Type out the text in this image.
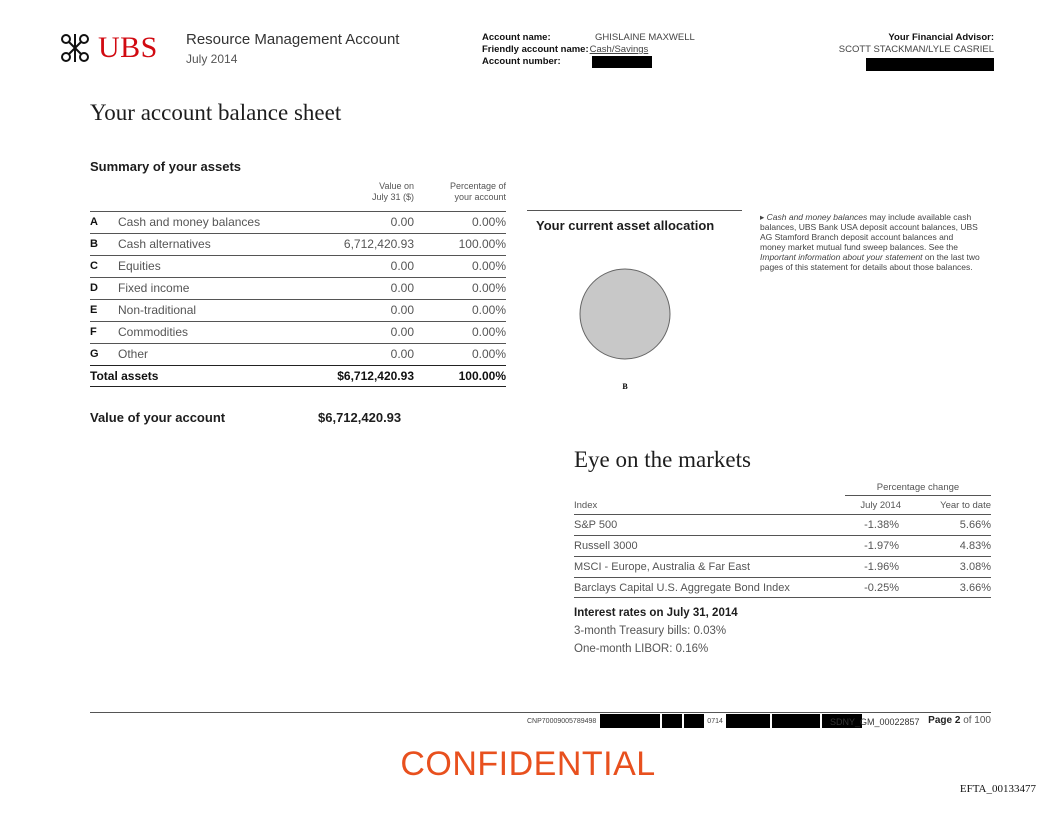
UBS Resource Management Account
July 2014
Account name:	GHISLAINE MAXWELL
Friendly account name: Cash/Savings
Account number:
Your Financial Advisor:
SCOTT STACKMAN/LYLE CASRIEL
Your account balance sheet
Summary of your assets
Value on
July 31 ($)
Percentage of
your account
A Cash and money balances	0.00	0.00%
B Cash alternatives	6,712,420.93	100.00%
C Equities	0.00	0.00%
D Fixed income	0.00	0.00%
E Non-traditional	0.00	0.00%
F Commodities	0.00	0.00%
G Other	0.00	0.00%
Total assets	$6,712,420.93	100.00%
Value of your account	$6,712,420.93
Your current asset allocation
B
▸ Cash and money balances may include available cash balances, UBS Bank USA deposit account balances, UBS AG Stamford Branch deposit account balances and money market mutual fund sweep balances. See the Important information about your statement on the last two pages of this statement for details about those balances.
Eye on the markets
Percentage change
Index	July 2014	Year to date
S&P 500	-1.38%	5.66%
Russell 3000	-1.97%	4.83%
MSCI - Europe, Australia & Far East	-1.96%	3.08%
Barclays Capital U.S. Aggregate Bond Index	-0.25%	3.66%
Interest rates on July 31, 2014
3-month Treasury bills: 0.03%
One-month LIBOR: 0.16%
CNP70009005789498	0714	SDNY_GM_00022857 Page 2 of 100
CONFIDENTIAL
EFTA_00133477
